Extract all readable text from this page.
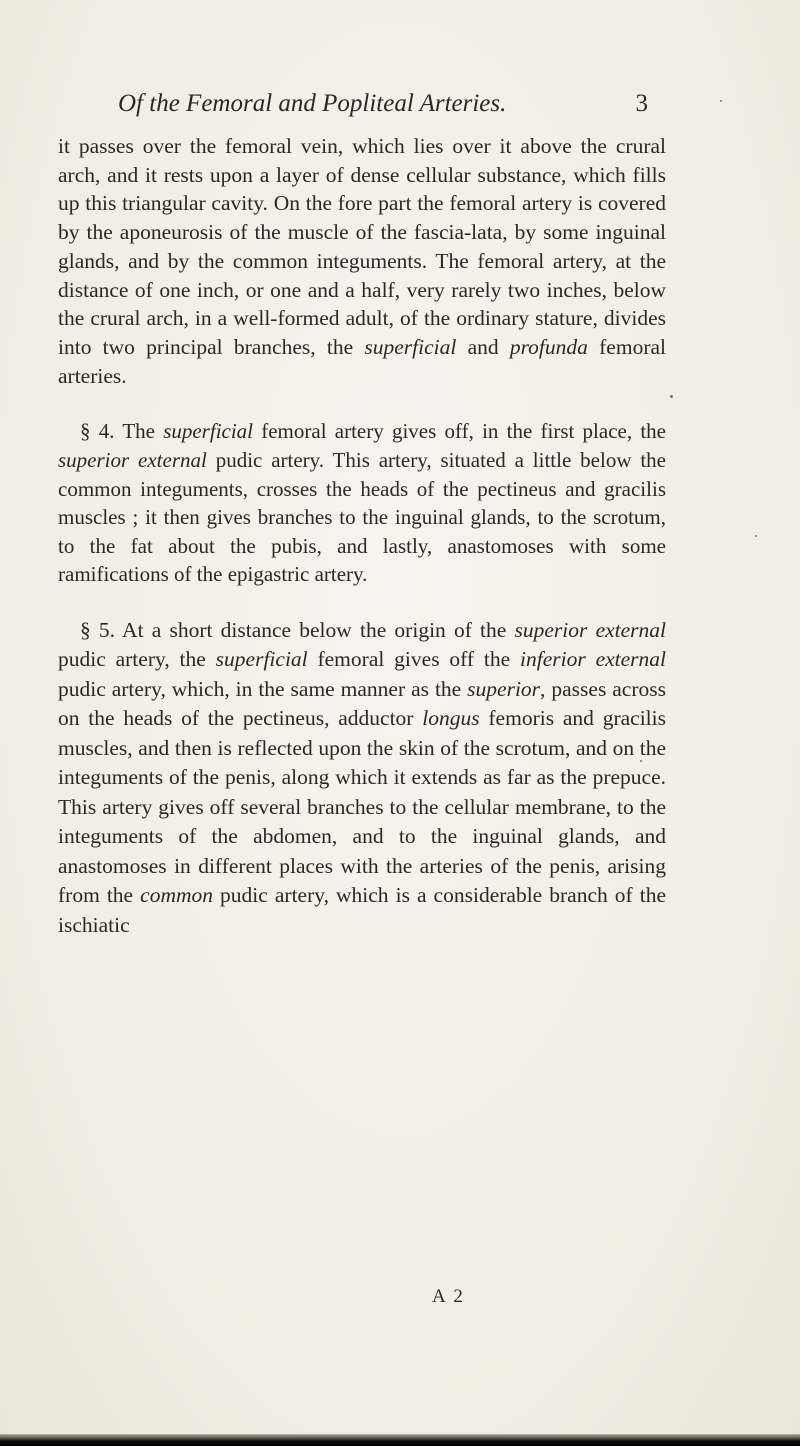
Of the Femoral and Popliteal Arteries.	3

it passes over the femoral vein, which lies over it above the crural arch, and it rests upon a layer of dense cellular substance, which fills up this triangular cavity. On the fore part the femoral artery is covered by the aponeurosis of the muscle of the fascia-lata, by some inguinal glands, and by the common integuments. The femoral artery, at the distance of one inch, or one and a half, very rarely two inches, below the crural arch, in a well-formed adult, of the ordinary stature, divides into two principal branches, the superficial and profunda femoral arteries.

§ 4. The superficial femoral artery gives off, in the first place, the superior external pudic artery. This artery, situated a little below the common integuments, crosses the heads of the pectineus and gracilis muscles ; it then gives branches to the inguinal glands, to the scrotum, to the fat about the pubis, and lastly, anastomoses with some ramifications of the epigastric artery.

§ 5. At a short distance below the origin of the superior external pudic artery, the superficial femoral gives off the inferior external pudic artery, which, in the same manner as the superior, passes across on the heads of the pectineus, adductor longus femoris and gracilis muscles, and then is reflected upon the skin of the scrotum, and on the integuments of the penis, along which it extends as far as the prepuce. This artery gives off several branches to the cellular membrane, to the integuments of the abdomen, and to the inguinal glands, and anastomoses in different places with the arteries of the penis, arising from the common pudic artery, which is a considerable branch of the ischiatic

A 2
